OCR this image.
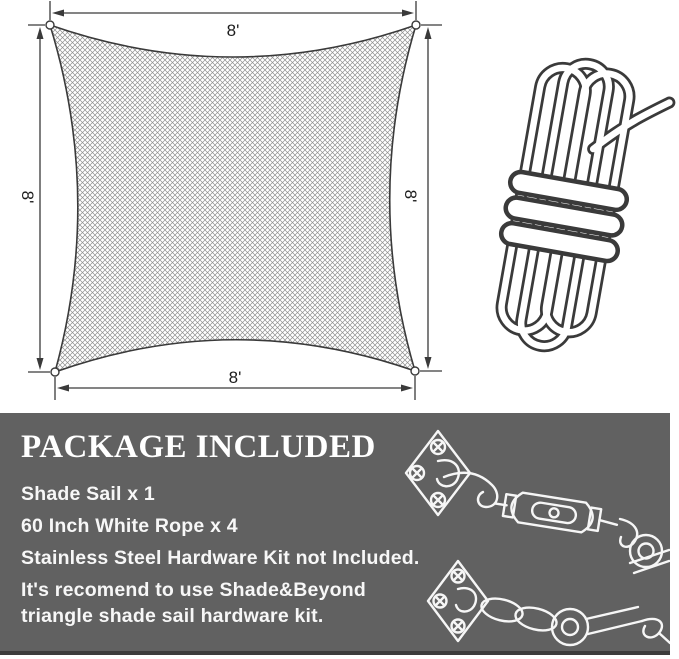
8'
8'
8'	8'
PACKAGE INCLUDED
Shade Sail x 1
60 Inch White Rope x 4
Stainless Steel Hardware Kit not Included.
It's recomend to use Shade&Beyond triangle shade sail hardware kit.
